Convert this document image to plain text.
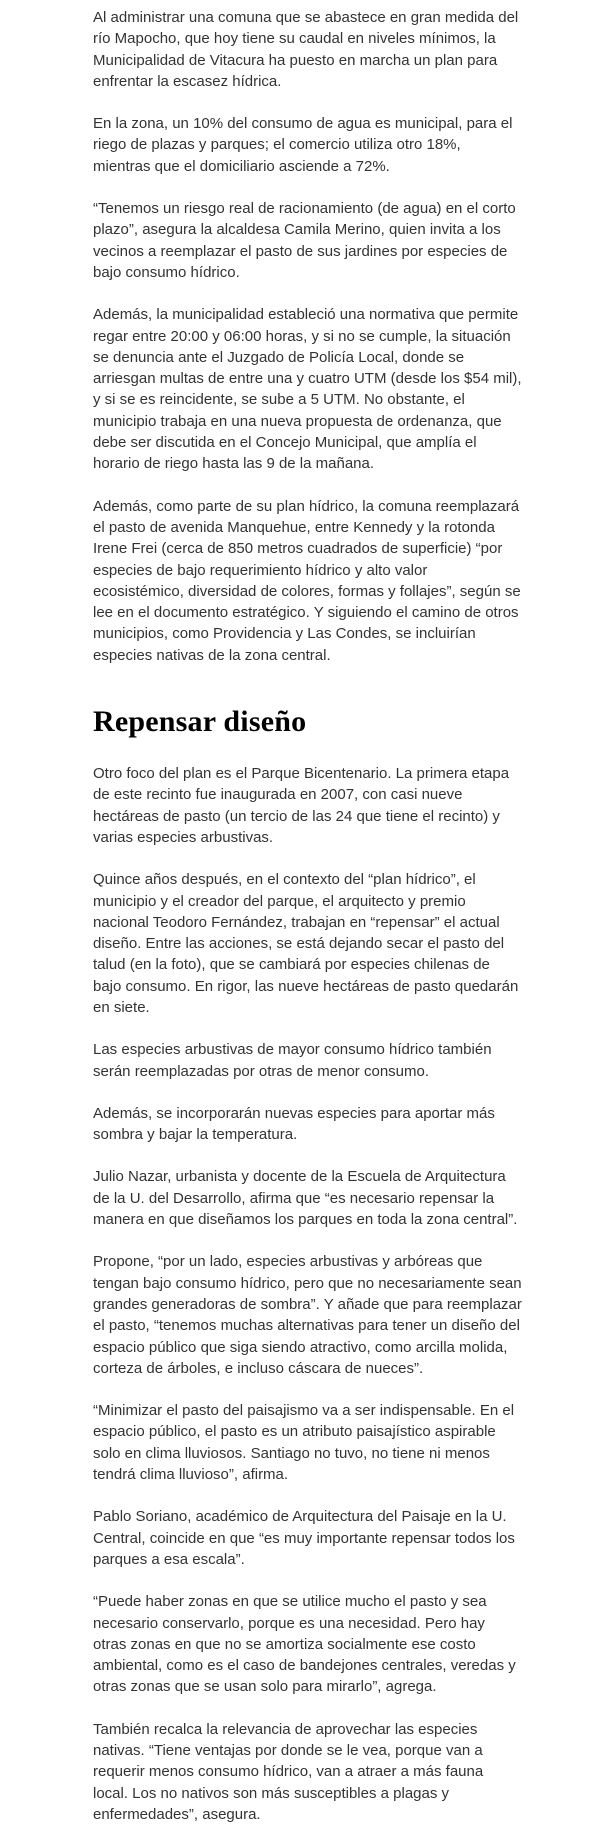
Al administrar una comuna que se abastece en gran medida del río Mapocho, que hoy tiene su caudal en niveles mínimos, la Municipalidad de Vitacura ha puesto en marcha un plan para enfrentar la escasez hídrica.

En la zona, un 10% del consumo de agua es municipal, para el riego de plazas y parques; el comercio utiliza otro 18%, mientras que el domiciliario asciende a 72%.

“Tenemos un riesgo real de racionamiento (de agua) en el corto plazo”, asegura la alcaldesa Camila Merino, quien invita a los vecinos a reemplazar el pasto de sus jardines por especies de bajo consumo hídrico.

Además, la municipalidad estableció una normativa que permite regar entre 20:00 y 06:00 horas, y si no se cumple, la situación se denuncia ante el Juzgado de Policía Local, donde se arriesgan multas de entre una y cuatro UTM (desde los $54 mil), y si se es reincidente, se sube a 5 UTM. No obstante, el municipio trabaja en una nueva propuesta de ordenanza, que debe ser discutida en el Concejo Municipal, que amplía el horario de riego hasta las 9 de la mañana.

Además, como parte de su plan hídrico, la comuna reemplazará el pasto de avenida Manquehue, entre Kennedy y la rotonda Irene Frei (cerca de 850 metros cuadrados de superficie) “por especies de bajo requerimiento hídrico y alto valor ecosistémico, diversidad de colores, formas y follajes”, según se lee en el documento estratégico. Y siguiendo el camino de otros municipios, como Providencia y Las Condes, se incluirían especies nativas de la zona central.

Repensar diseño

Otro foco del plan es el Parque Bicentenario. La primera etapa de este recinto fue inaugurada en 2007, con casi nueve hectáreas de pasto (un tercio de las 24 que tiene el recinto) y varias especies arbustivas.

Quince años después, en el contexto del “plan hídrico”, el municipio y el creador del parque, el arquitecto y premio nacional Teodoro Fernández, trabajan en “repensar” el actual diseño. Entre las acciones, se está dejando secar el pasto del talud (en la foto), que se cambiará por especies chilenas de bajo consumo. En rigor, las nueve hectáreas de pasto quedarán en siete.

Las especies arbustivas de mayor consumo hídrico también serán reemplazadas por otras de menor consumo.

Además, se incorporarán nuevas especies para aportar más sombra y bajar la temperatura.

Julio Nazar, urbanista y docente de la Escuela de Arquitectura de la U. del Desarrollo, afirma que “es necesario repensar la manera en que diseñamos los parques en toda la zona central”.

Propone, “por un lado, especies arbustivas y arbóreas que tengan bajo consumo hídrico, pero que no necesariamente sean grandes generadoras de sombra”. Y añade que para reemplazar el pasto, “tenemos muchas alternativas para tener un diseño del espacio público que siga siendo atractivo, como arcilla molida, corteza de árboles, e incluso cáscara de nueces”.

“Minimizar el pasto del paisajismo va a ser indispensable. En el espacio público, el pasto es un atributo paisajístico aspirable solo en clima lluviosos. Santiago no tuvo, no tiene ni menos tendrá clima lluvioso”, afirma.

Pablo Soriano, académico de Arquitectura del Paisaje en la U. Central, coincide en que “es muy importante repensar todos los parques a esa escala”.

“Puede haber zonas en que se utilice mucho el pasto y sea necesario conservarlo, porque es una necesidad. Pero hay otras zonas en que no se amortiza socialmente ese costo ambiental, como es el caso de bandejones centrales, veredas y otras zonas que se usan solo para mirarlo”, agrega.

También recalca la relevancia de aprovechar las especies nativas. “Tiene ventajas por donde se le vea, porque van a requerir menos consumo hídrico, van a atraer a más fauna local. Los no nativos son más susceptibles a plagas y enfermedades”, asegura.
